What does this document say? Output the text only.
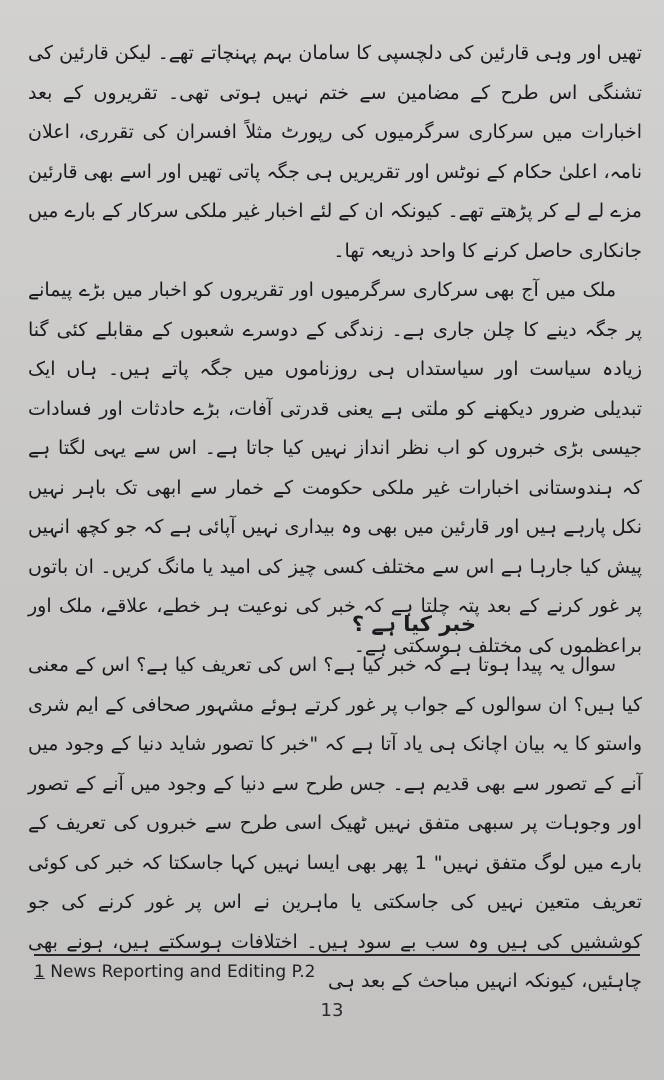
تھیں اور وہی قارئین کی دلچسپی کا سامان بہم پہنچاتے تھے۔ لیکن قارئین کی تشنگی اس طرح کے مضامین سے ختم نہیں ہوتی تھی۔ تقریروں کے بعد اخبارات میں سرکاری سرگرمیوں کی رپورٹ مثلاً افسران کی تقرری، اعلان نامہ، اعلیٰ حکام کے نوٹس اور تقریریں ہی جگہ پاتی تھیں اور اسے بھی قارئین مزے لے لے کر پڑھتے تھے۔ کیونکہ ان کے لئے اخبار غیر ملکی سرکار کے بارے میں جانکاری حاصل کرنے کا واحد ذریعہ تھا۔

ملک میں آج بھی سرکاری سرگرمیوں اور تقریروں کو اخبار میں بڑے پیمانے پر جگہ دینے کا چلن جاری ہے۔ زندگی کے دوسرے شعبوں کے مقابلے کئی گنا زیادہ سیاست اور سیاستداں ہی روزناموں میں جگہ پاتے ہیں۔ ہاں ایک تبدیلی ضرور دیکھنے کو ملتی ہے یعنی قدرتی آفات، بڑے حادثات اور فسادات جیسی بڑی خبروں کو اب نظر انداز نہیں کیا جاتا ہے۔ اس سے یہی لگتا ہے کہ ہندوستانی اخبارات غیر ملکی حکومت کے خمار سے ابھی تک باہر نہیں نکل پارہے ہیں اور قارئین میں بھی وہ بیداری نہیں آپائی ہے کہ جو کچھ انہیں پیش کیا جارہا ہے اس سے مختلف کسی چیز کی امید یا مانگ کریں۔ ان باتوں پر غور کرنے کے بعد پتہ چلتا ہے کہ خبر کی نوعیت ہر خطے، علاقے، ملک اور براعظموں کی مختلف ہوسکتی ہے۔

خبر کیا ہے ؟

سوال یہ پیدا ہوتا ہے کہ خبر کیا ہے؟ اس کی تعریف کیا ہے؟ اس کے معنی کیا ہیں؟ ان سوالوں کے جواب پر غور کرتے ہوئے مشہور صحافی کے ایم شری واستو کا یہ بیان اچانک ہی یاد آتا ہے کہ "خبر کا تصور شاید دنیا کے وجود میں آنے کے تصور سے بھی قدیم ہے۔ جس طرح سے دنیا کے وجود میں آنے کے تصور اور وجوہات پر سبھی متفق نہیں ٹھیک اسی طرح سے خبروں کی تعریف کے بارے میں لوگ متفق نہیں" 1 پھر بھی ایسا نہیں کہا جاسکتا کہ خبر کی کوئی تعریف متعین نہیں کی جاسکتی یا ماہرین نے اس پر غور کرنے کی جو کوششیں کی ہیں وہ سب بے سود ہیں۔ اختلافات ہوسکتے ہیں، ہونے بھی چاہئیں، کیونکہ انہیں مباحث کے بعد ہی

1 News Reporting and Editing P.2
13
